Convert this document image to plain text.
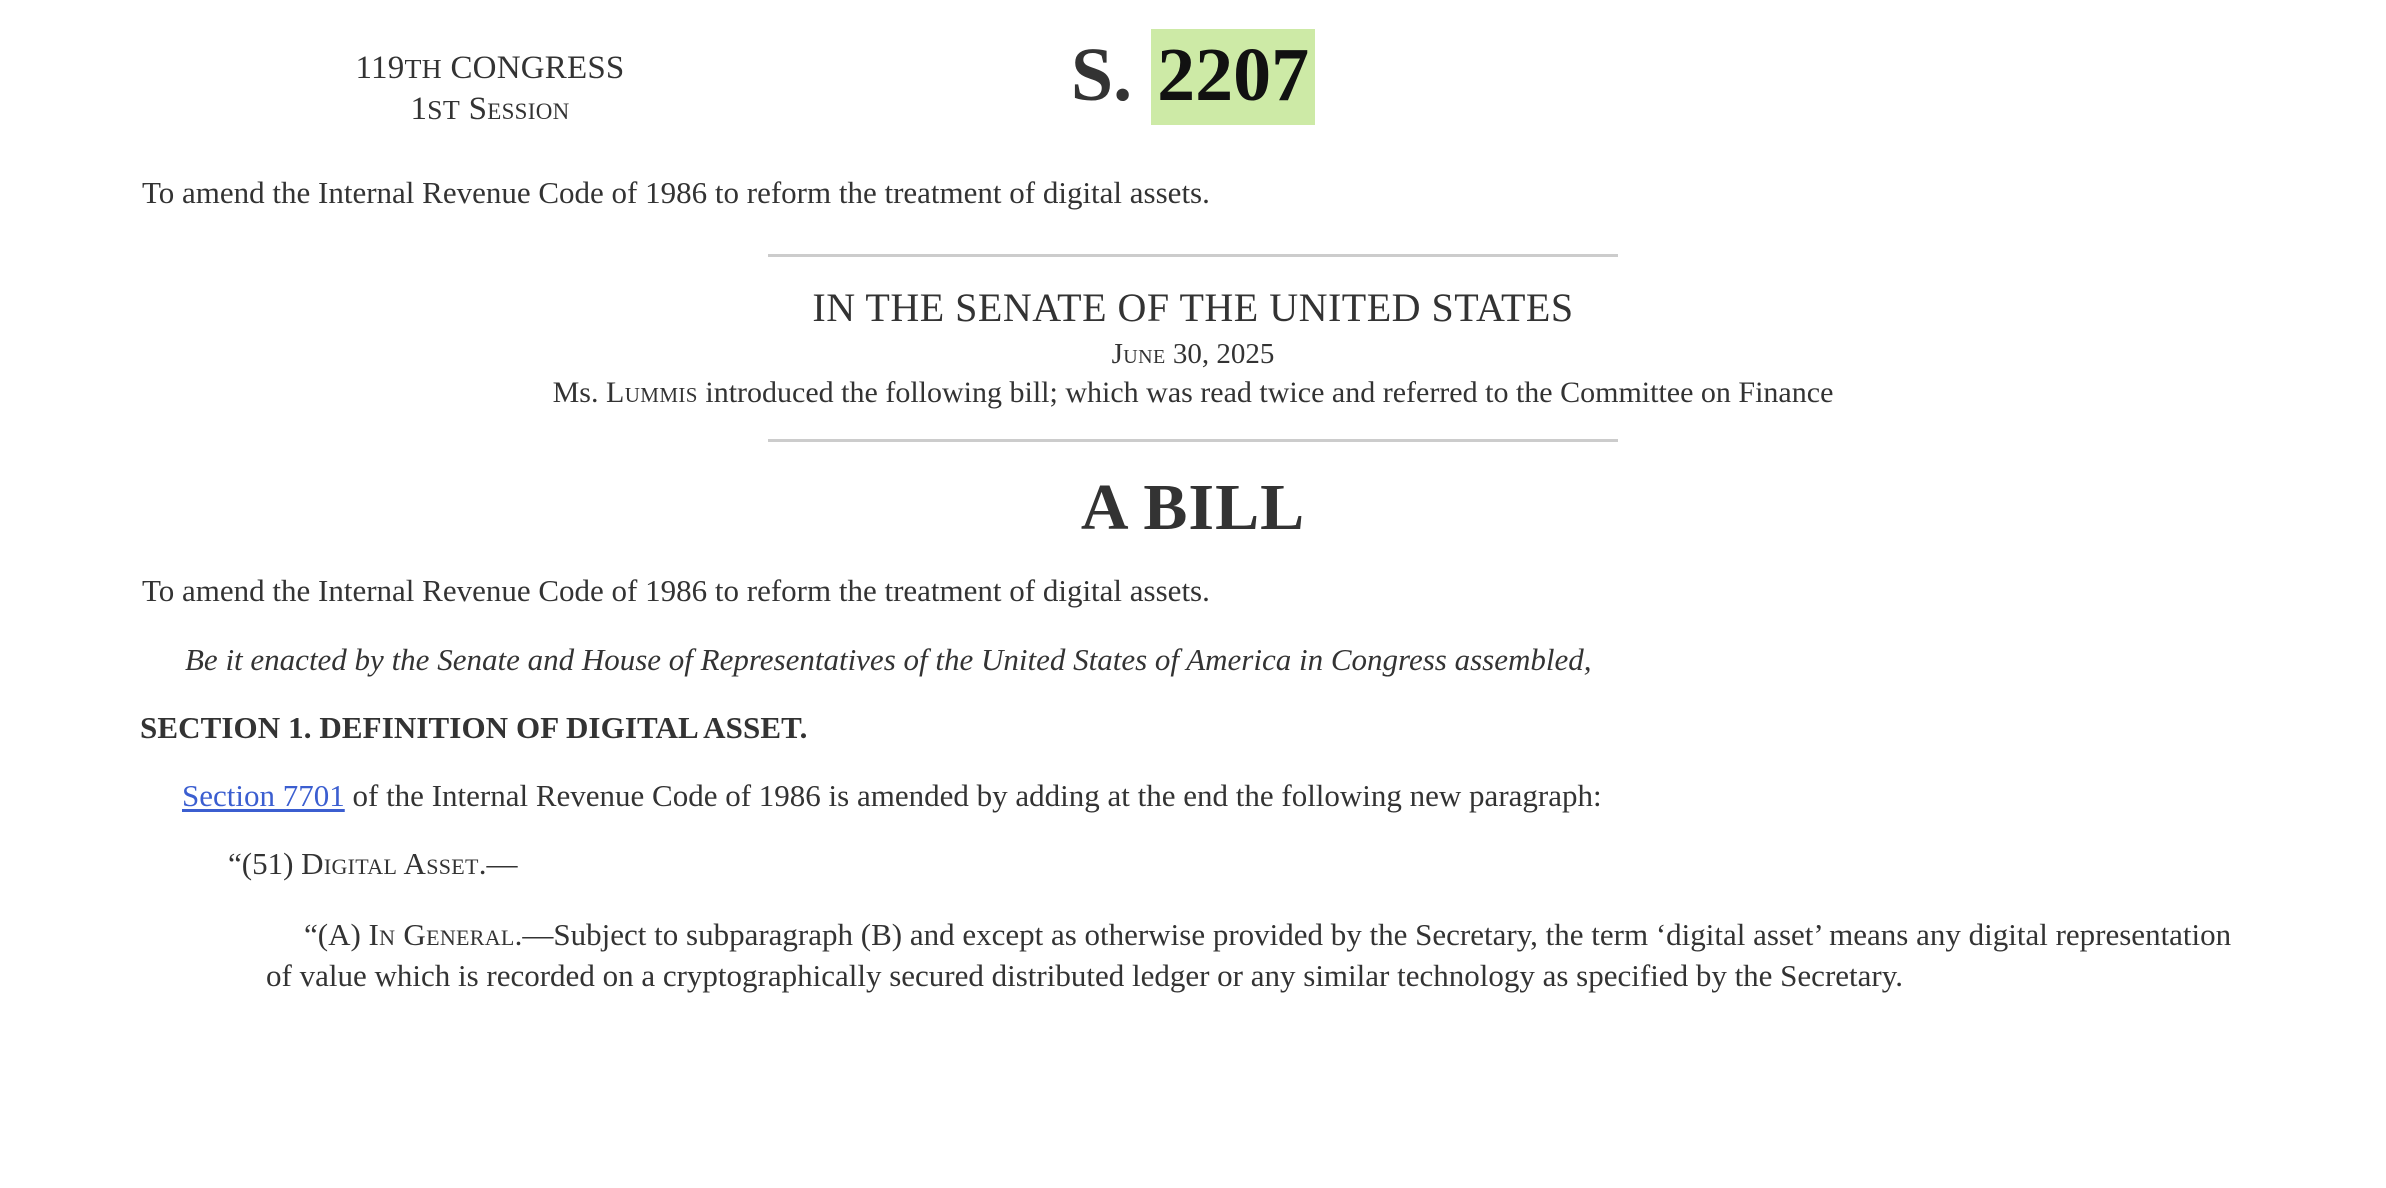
119TH CONGRESS
1ST Session	S. 2207

To amend the Internal Revenue Code of 1986 to reform the treatment of digital assets.

IN THE SENATE OF THE UNITED STATES
June 30, 2025
Ms. Lummis introduced the following bill; which was read twice and referred to the Committee on Finance
A BILL

To amend the Internal Revenue Code of 1986 to reform the treatment of digital assets.

Be it enacted by the Senate and House of Representatives of the United States of America in Congress assembled,

SECTION 1. DEFINITION OF DIGITAL ASSET.

Section 7701 of the Internal Revenue Code of 1986 is amended by adding at the end the following new paragraph:

“(51) Digital Asset.—

“(A) In General.—Subject to subparagraph (B) and except as otherwise provided by the Secretary, the term ‘digital asset’ means any digital representation of value which is recorded on a cryptographically secured distributed ledger or any similar technology as specified by the Secretary.
